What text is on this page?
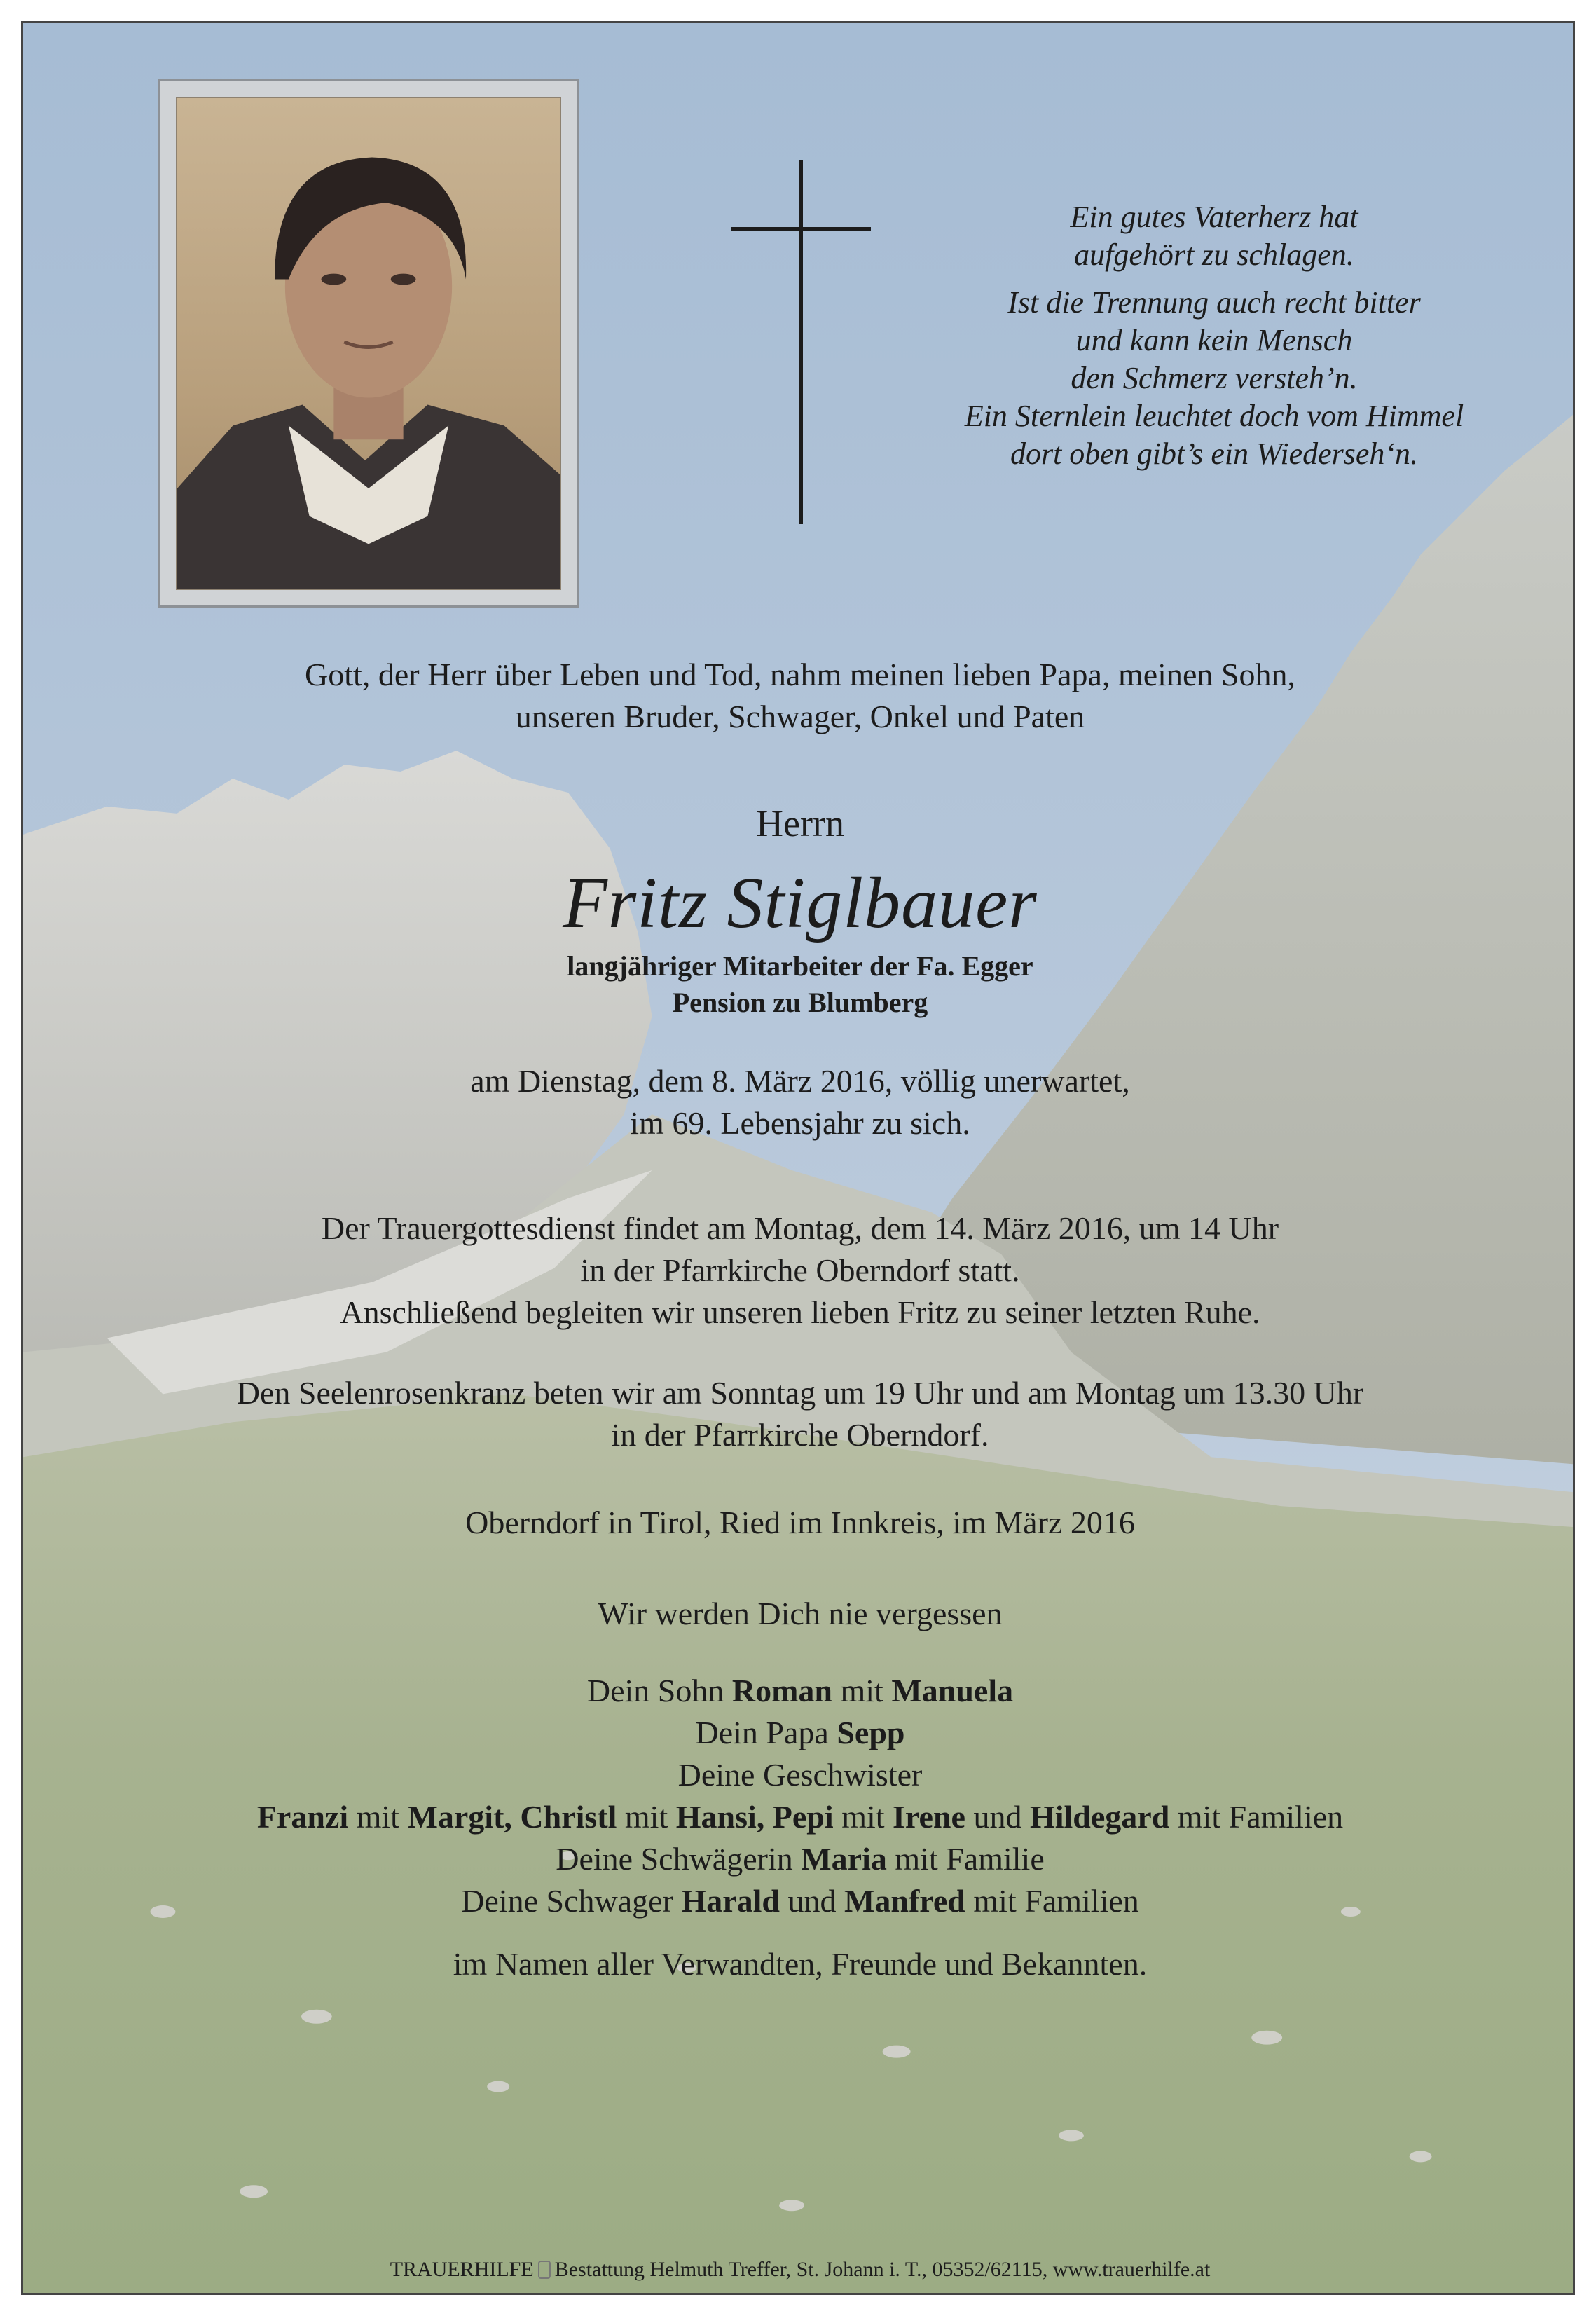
Ein gutes Vaterherz hat
aufgehört zu schlagen.
Ist die Trennung auch recht bitter
und kann kein Mensch
den Schmerz versteh’n.
Ein Sternlein leuchtet doch vom Himmel
dort oben gibt’s ein Wiederseh‘n.
Gott, der Herr über Leben und Tod, nahm meinen lieben Papa, meinen Sohn,
unseren Bruder, Schwager, Onkel und Paten
Herrn
Fritz Stiglbauer
langjähriger Mitarbeiter der Fa. Egger
Pension zu Blumberg
am Dienstag, dem 8. März 2016, völlig unerwartet,
im 69. Lebensjahr zu sich.
Der Trauergottesdienst findet am Montag, dem 14. März 2016, um 14 Uhr
in der Pfarrkirche Oberndorf statt.
Anschließend begleiten wir unseren lieben Fritz zu seiner letzten Ruhe.
Den Seelenrosenkranz beten wir am Sonntag um 19 Uhr und am Montag um 13.30 Uhr
in der Pfarrkirche Oberndorf.
Oberndorf in Tirol, Ried im Innkreis, im März 2016
Wir werden Dich nie vergessen
Dein Sohn Roman mit Manuela
Dein Papa Sepp
Deine Geschwister
Franzi mit Margit, Christl mit Hansi, Pepi mit Irene und Hildegard mit Familien
Deine Schwägerin Maria mit Familie
Deine Schwager Harald und Manfred mit Familien
im Namen aller Verwandten, Freunde und Bekannten.
TRAUERHILFE Bestattung Helmuth Treffer, St. Johann i. T., 05352/62115, www.trauerhilfe.at
